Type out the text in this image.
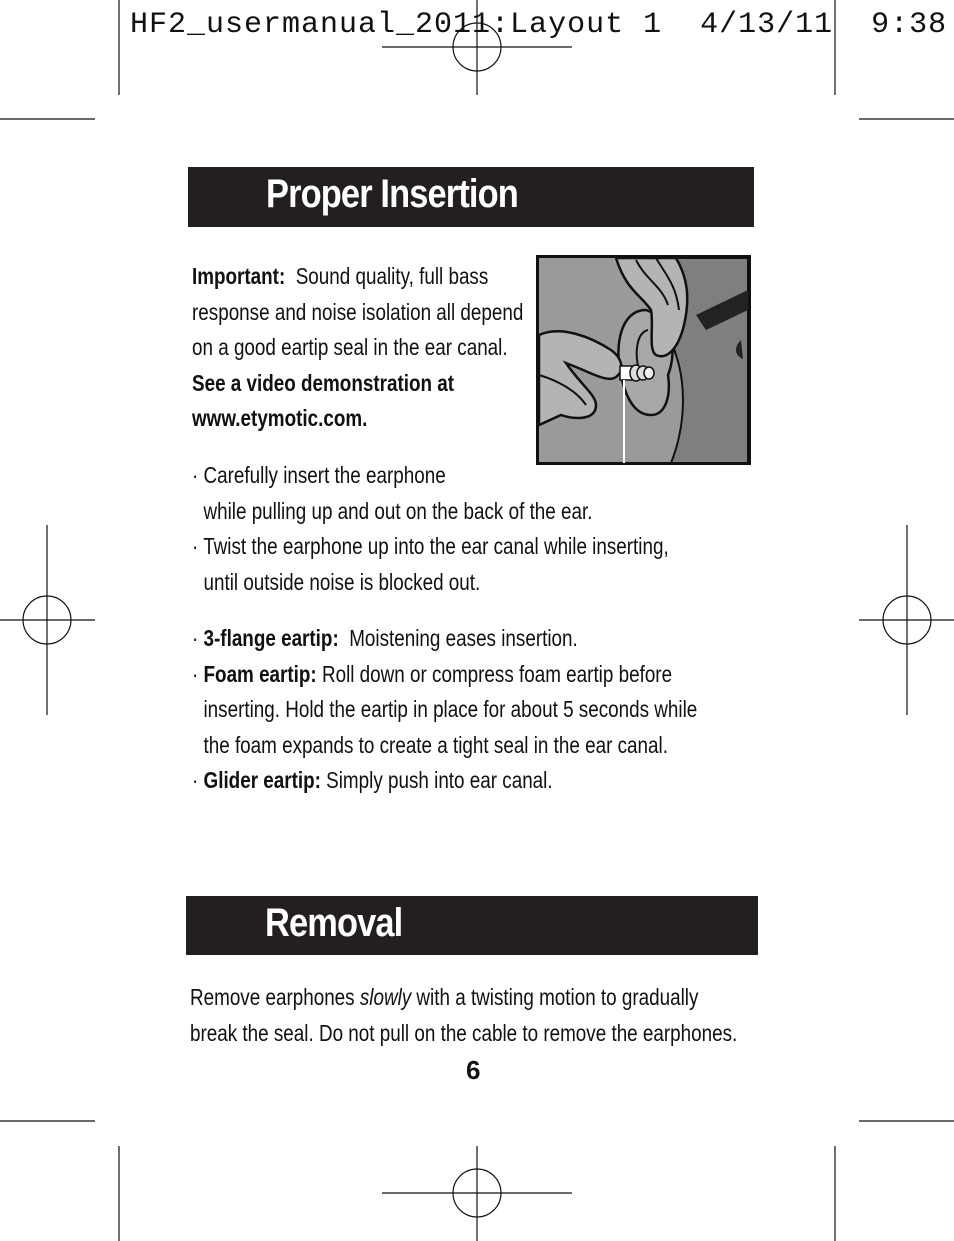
HF2_usermanual_2011:Layout 1  4/13/11  9:38
Proper Insertion
Important: Sound quality, full bass
response and noise isolation all depend
on a good eartip seal in the ear canal.
See a video demonstration at
www.etymotic.com.
· Carefully insert the earphone
while pulling up and out on the back of the ear.
· Twist the earphone up into the ear canal while inserting,
until outside noise is blocked out.
· 3-flange eartip: Moistening eases insertion.
· Foam eartip: Roll down or compress foam eartip before
inserting. Hold the eartip in place for about 5 seconds while
the foam expands to create a tight seal in the ear canal.
· Glider eartip: Simply push into ear canal.
Removal
Remove earphones slowly with a twisting motion to gradually
break the seal. Do not pull on the cable to remove the earphones.
6
